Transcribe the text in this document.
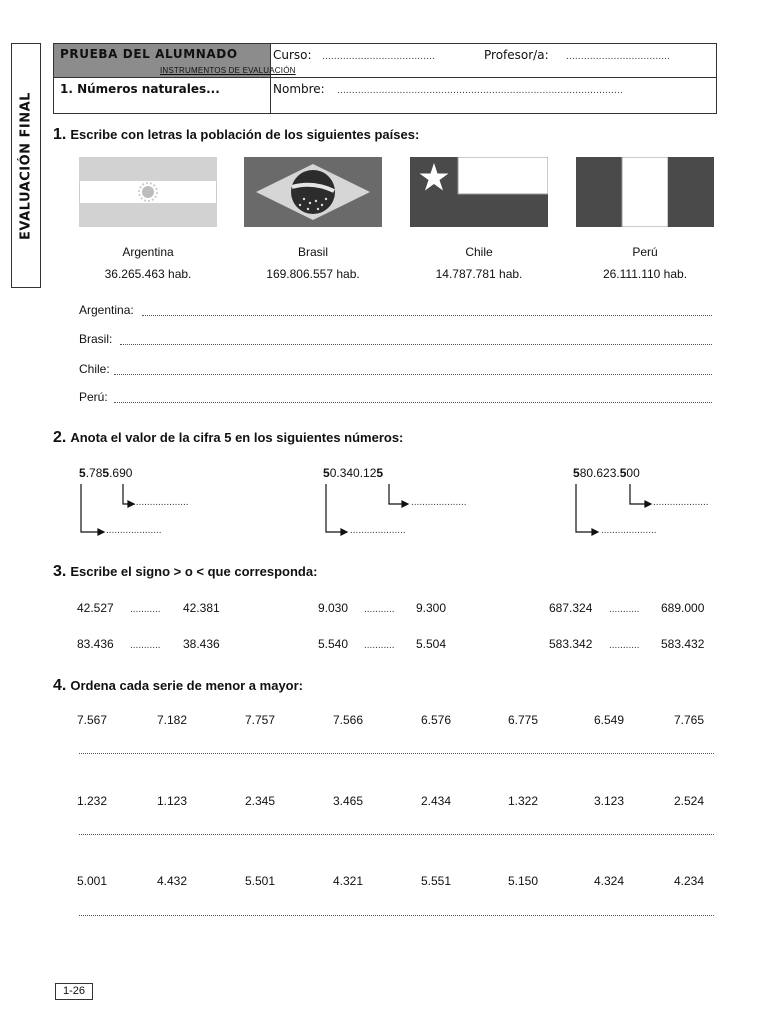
EVALUACIÓN FINAL
PRUEBA DEL ALUMNADO
INSTRUMENTOS DE EVALUACIÓN
1. Números naturales...
Curso: ......................................	Profesor/a: ...................................
Nombre: ................................................................................................
1. Escribe con letras la población de los siguientes países:
Argentina	Brasil	Chile	Perú
36.265.463 hab.	169.806.557 hab.	14.787.781 hab.	26.111.110 hab.
Argentina:
Brasil:
Chile:
Perú:
2. Anota el valor de la cifra 5 en los siguientes números:
5.785.690	50.340.125	580.623.500
....................
....................
....................
....................
....................
....................
3. Escribe el signo > o < que corresponda:
42.527 ........... 42.381	9.030 ........... 9.300	687.324 ........... 689.000
83.436 ........... 38.436	5.540 ........... 5.504	583.342 ........... 583.432
4. Ordena cada serie de menor a mayor:
7.567	7.182	7.757	7.566	6.576	6.775	6.549	7.765
1.232	1.123	2.345	3.465	2.434	1.322	3.123	2.524
5.001	4.432	5.501	4.321	5.551	5.150	4.324	4.234
1-26
